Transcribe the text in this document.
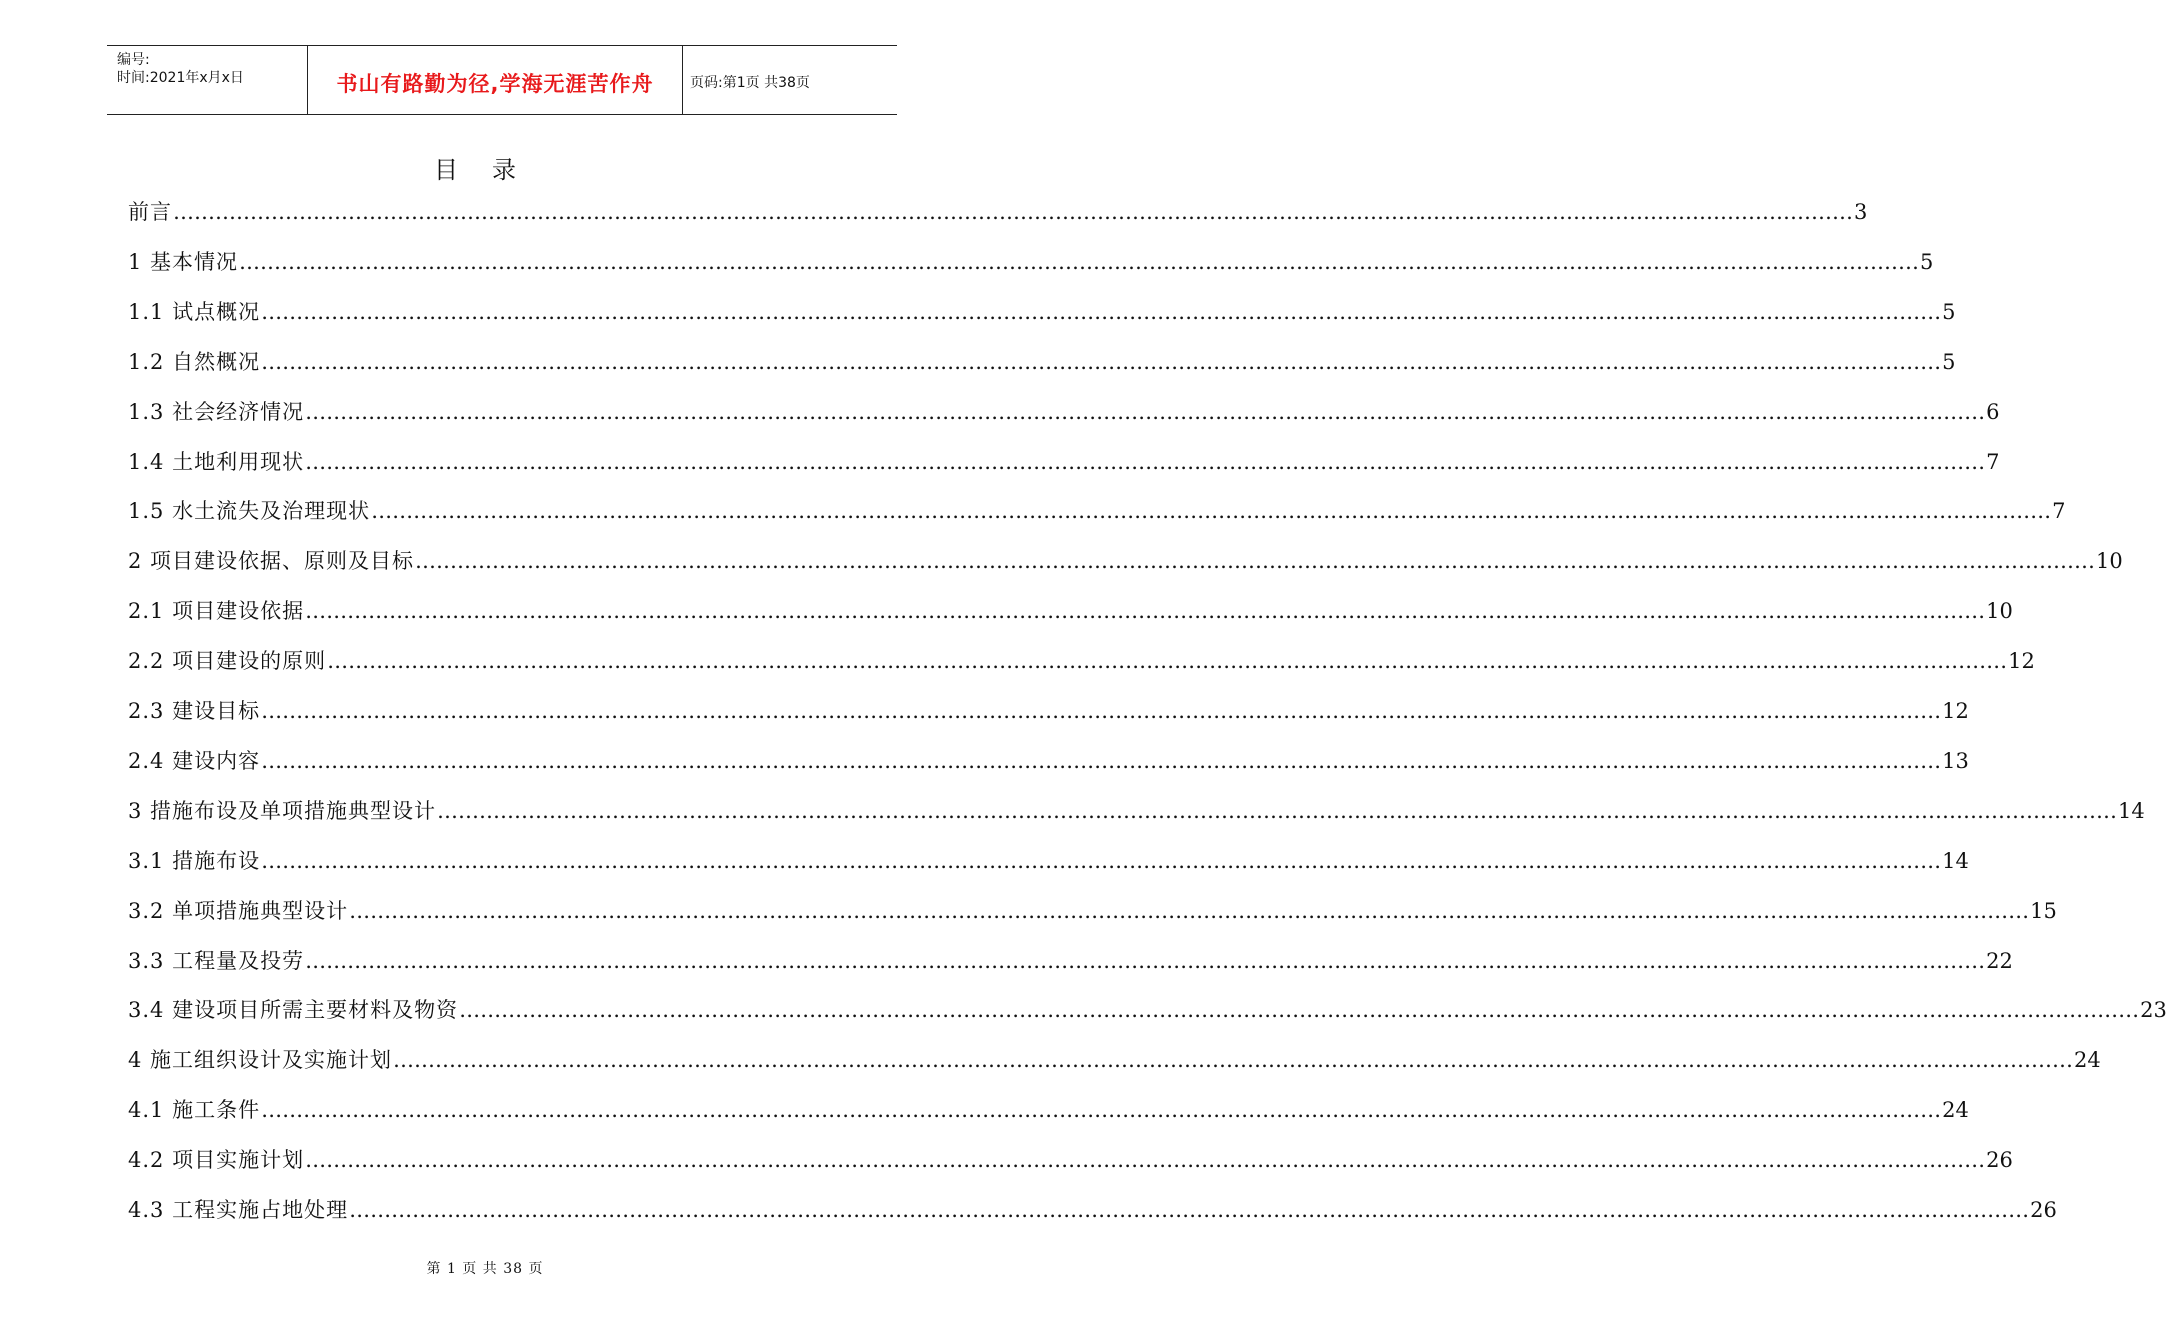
编号:
时间:2021年x月x日	书山有路勤为径,学海无涯苦作舟	页码:第1页 共38页
目录
前言 …………………………………………………………………………………………………………………………………………………………………………………………………………………… 3
1 基本情况 …………………………………………………………………………………………………………………………………………………………………………………………………………………… 5
1.1 试点概况 …………………………………………………………………………………………………………………………………………………………………………………………………………………… 5
1.2 自然概况 …………………………………………………………………………………………………………………………………………………………………………………………………………………… 5
1.3 社会经济情况 …………………………………………………………………………………………………………………………………………………………………………………………………………………… 6
1.4 土地利用现状 …………………………………………………………………………………………………………………………………………………………………………………………………………………… 7
1.5 水土流失及治理现状 …………………………………………………………………………………………………………………………………………………………………………………………………………………… 7
2 项目建设依据、原则及目标 …………………………………………………………………………………………………………………………………………………………………………………………………………………… 10
2.1 项目建设依据 …………………………………………………………………………………………………………………………………………………………………………………………………………………… 10
2.2 项目建设的原则 …………………………………………………………………………………………………………………………………………………………………………………………………………………… 12
2.3 建设目标 …………………………………………………………………………………………………………………………………………………………………………………………………………………… 12
2.4 建设内容 …………………………………………………………………………………………………………………………………………………………………………………………………………………… 13
3 措施布设及单项措施典型设计 …………………………………………………………………………………………………………………………………………………………………………………………………………………… 14
3.1 措施布设 …………………………………………………………………………………………………………………………………………………………………………………………………………………… 14
3.2 单项措施典型设计 …………………………………………………………………………………………………………………………………………………………………………………………………………………… 15
3.3 工程量及投劳 …………………………………………………………………………………………………………………………………………………………………………………………………………………… 22
3.4 建设项目所需主要材料及物资 …………………………………………………………………………………………………………………………………………………………………………………………………………………… 23
4 施工组织设计及实施计划 …………………………………………………………………………………………………………………………………………………………………………………………………………………… 24
4.1 施工条件 …………………………………………………………………………………………………………………………………………………………………………………………………………………… 24
4.2 项目实施计划 …………………………………………………………………………………………………………………………………………………………………………………………………………………… 26
4.3 工程实施占地处理 …………………………………………………………………………………………………………………………………………………………………………………………………………………… 26
第 1 页 共 38 页
